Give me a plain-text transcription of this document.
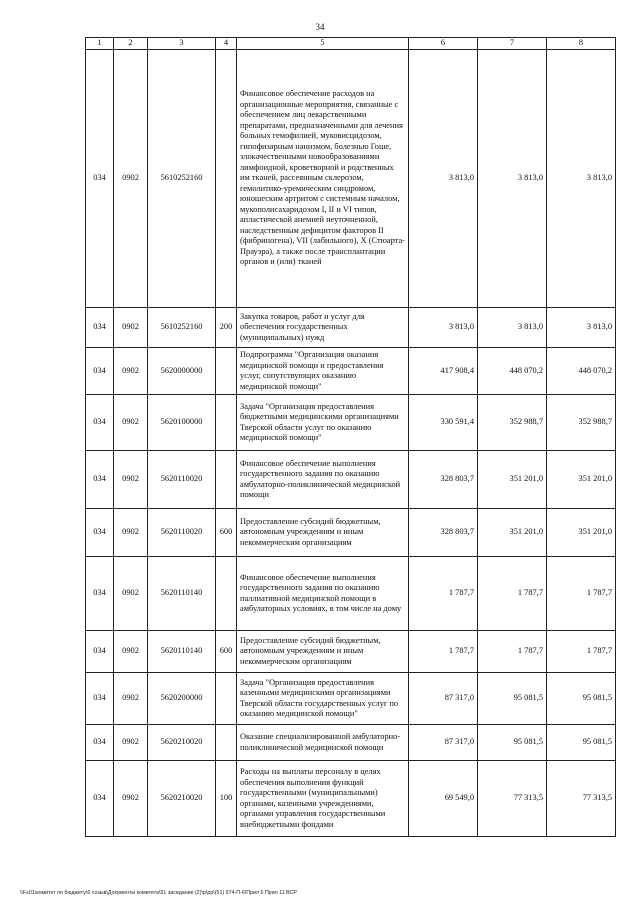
34
1	2	3	4	5	6	7	8
034	0902	5610252160		Финансовое обеспечение расходов на организационные мероприятия, связанные с обеспечением лиц лекарственными препаратами, предназначенными для лечения больных гемофилией, муковисцидозом, гипофизарным нанизмом, болезнью Гоше, злокачественными новообразованиями лимфоидной, кроветворной и родственных им тканей, рассеянным склерозом, гемолитико-уремическим синдромом, юношеским артритом с системным началом, мукополисахаридозом I, II и VI типов, апластической анемией неуточненной, наследственным дефицитом факторов II (фибриногена), VII (лабильного), X (Стюарта-Прауэра), а также после трансплантации органов и (или) тканей	3 813,0	3 813,0	3 813,0
034	0902	5610252160	200	Закупка товаров, работ и услуг для обеспечения государственных (муниципальных) нужд	3 813,0	3 813,0	3 813,0
034	0902	5620000000		Подпрограмма "Организация оказания медицинской помощи и предоставления услуг, сопутствующих оказанию медицинской помощи"	417 908,4	448 070,2	448 070,2
034	0902	5620100000		Задача "Организация предоставления бюджетными медицинскими организациями Тверской области услуг по оказанию медицинской помощи"	330 591,4	352 988,7	352 988,7
034	0902	5620110020		Финансовое обеспечение выполнения государственного задания по оказанию амбулаторно-поликлинической медицинской помощи	328 803,7	351 201,0	351 201,0
034	0902	5620110020	600	Предоставление субсидий бюджетным, автономным учреждениям и иным некоммерческим организациям	328 803,7	351 201,0	351 201,0
034	0902	5620110140		Финансовое обеспечение выполнения государственного задания по оказанию паллиативной медицинской помощи в амбулаторных условиях, в том числе на дому	1 787,7	1 787,7	1 787,7
034	0902	5620110140	600	Предоставление субсидий бюджетным, автономным учреждениям и иным некоммерческим организациям	1 787,7	1 787,7	1 787,7
034	0902	5620200000		Задача "Организация предоставления казенными медицинскими организациями Тверской области государственных услуг по оказанию медицинской помощи"	87 317,0	95 081,5	95 081,5
034	0902	5620210020		Оказание специализированной амбулаторно-поликлинической медицинской помощи	87 317,0	95 081,5	95 081,5
034	0902	5620210020	100	Расходы на выплаты персоналу в целях обеспечения выполнения функций государственными (муниципальными) органами, казенными учреждениями, органами управления государственными внебюджетными фондами	69 549,0	77 313,5	77 313,5
\\Fs01\комитет по бюджету\6 созыв\Документы комитета\51 заседание (2)\р\рр\(51) 974-П-6\Прил 6 Прил 11 ВСР
